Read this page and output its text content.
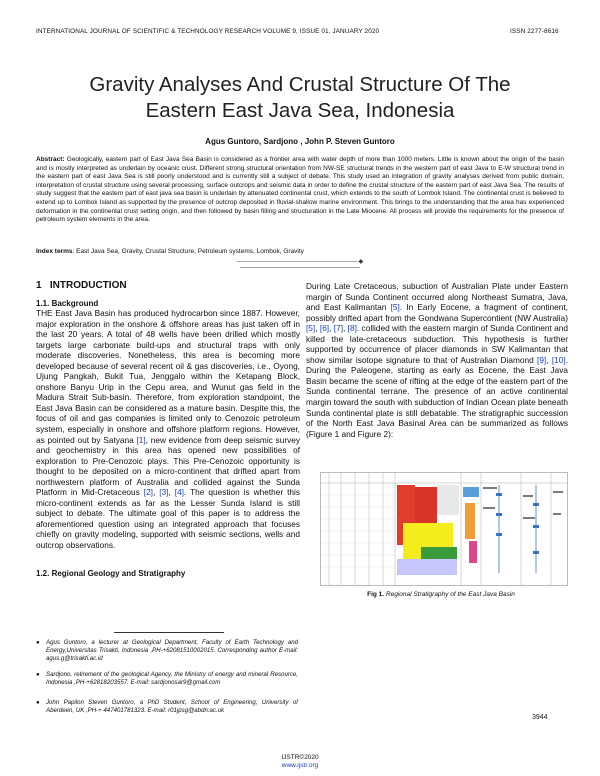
INTERNATIONAL JOURNAL OF SCIENTIFIC & TECHNOLOGY RESEARCH VOLUME 9, ISSUE 01, JANUARY 2020	ISSN 2277-8616
Gravity Analyses And Crustal Structure Of The
Eastern East Java Sea, Indonesia
Agus Guntoro, Sardjono , John P. Steven Guntoro
Abstract: Geologically, eastern part of East Java Sea Basin is considered as a frontier area with water depth of more than 1000 meters. Little is known about the origin of the basin and is mostly interpreted as underlain by oceanic crust. Different strong structural orientation from NW-SE structural trends in the western part of east Java to E-W structural trend in the eastern part of east Java Sea is still poorly understood and is currently still a subject of debate. This study used an integration of gravity analyses derived from public domain, interpretation of crustal structure using several processing, surface outcrops and seismic data in order to define the crustal structure of the eastern part of east Java Sea. The results of study suggest that the eastern part of east java sea basin is underlain by attenuated continental crust, which extends to the south of Lombok Island. The continental crust is believed to extend up to Lombok Island as supported by the presence of outcrop deposited in fluvial-shallow marine environment. This brings to the understanding that the area has experienced deformation in the continental crust setting origin, and then followed by basin filling and structuration in the Late Miocene. All process will provide the requirements for the presence of petroleum system elements in the area.
Index terms: East Java Sea, Gravity, Crustal Structure, Petroleum systems, Lombok, Gravity
———————————————————— ◆ ————————————————————
1 INTRODUCTION
1.1. Background
THE East Java Basin has produced hydrocarbon since 1887. However, major exploration in the onshore & offshore areas has just taken off in the last 20 years. A total of 48 wells have been drilled which mostly targets large carbonate build-ups and structural traps with only moderate discoveries. Nonetheless, this area is becoming more developed because of several recent oil & gas discoveries, i.e., Oyong, Ujung Pangkah, Bukit Tua, Jenggalo within the Ketapang Block, onshore Banyu Urip in the Cepu area, and Wunut gas field in the Madura Strait Sub-basin. Therefore, from exploration standpoint, the East Java Basin can be considered as a mature basin. Despite this, the focus of oil and gas companies is limited only to Cenozoic petroleum system, especially in onshore and offshore platform regions. However, as pointed out by Satyana [1], new evidence from deep seismic survey and geochemistry in this area has opened new possibilities of exploration to Pre-Cenozoic plays. This Pre-Cenozoic opportunity is thought to be deposited on a micro-continent that drifted apart from northwestern platform of Australia and collided against the Sunda Platform in Mid-Cretaceous [2], [3], [4]. The question is whether this micro-continent extends as far as the Lesser Sunda Island is still subject to debate. The ultimate goal of this paper is to address the aforementioned question using an integrated approach that focuses chiefly on gravity modeling, supported with seismic sections, wells and outcrop observations.
1.2. Regional Geology and Stratigraphy
During Late Cretaceous, subuction of Australian Plate under Eastern margin of Sunda Continent occurred along Northeast Sumatra, Java, and East Kalimantan [5]. In Early Eocene, a fragment of continent, possibly drifted apart from the Gondwana Supercontient (NW Australia) [5], [6], [7], [8]. collided with the eastern margin of Sunda Continent and killed the late-cretaceous subduction. This hypothesis is further supported by occurrence of placer diamonds in SW Kalimantan that show similar isotope signature to that of Australian Diamond [9], [10]. During the Paleogene, starting as early as Eocene, the East Java Basin became the scene of rifting at the edge of the eastern part of the Sunda continental terrane. The presence of an active continental margin toward the south with subduction of Indian Ocean plate beneath Sunda continental plate is still debatable. The stratigraphic succession of the North East Java Basinal Area can be summarized as follows (Figure 1 and Figure 2):
Fig 1. Regional Stratigraphy of the East Java Basin
● Agus Guntoro, a lecturer at Geological Department, Faculty of Earth Technology and Energy,Universitas Trisakti, Indonesia ,PH-+62081510002015. Corresponding author E-mail: agus.g@trisakti.ac.id
● Sardjono, retirement of the geological Agency, the Ministry of energy and mineral Resource, Indonesia ,PH-+62818203557. E-mail: sardjonosar9@gmail.com
● John Papilon Steven Guntoro, a PhD Student, School of Engineering, University of Aberdeen, UK ,PH-+ 447401781323. E-mail: r01jpsg@abdn.ac.uk
3944
IJSTR©2020
www.ijstr.org
